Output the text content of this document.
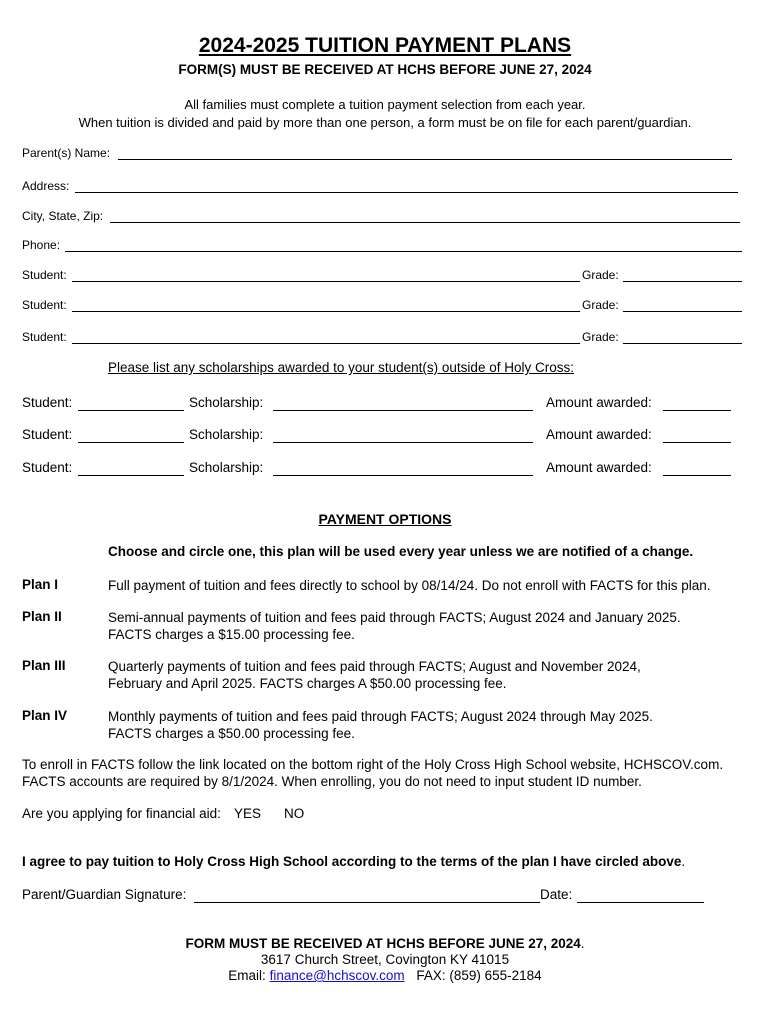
2024-2025 TUITION PAYMENT PLANS
FORM(S) MUST BE RECEIVED AT HCHS BEFORE JUNE 27, 2024
All families must complete a tuition payment selection from each year.
When tuition is divided and paid by more than one person, a form must be on file for each parent/guardian.
Parent(s) Name:
Address:
City, State, Zip:
Phone:
Student:	Grade:
Student:	Grade:
Student:	Grade:
Please list any scholarships awarded to your student(s) outside of Holy Cross:
Student:	Scholarship:	Amount awarded:
Student:	Scholarship:	Amount awarded:
Student:	Scholarship:	Amount awarded:
PAYMENT OPTIONS
Choose and circle one, this plan will be used every year unless we are notified of a change.
Plan I	Full payment of tuition and fees directly to school by 08/14/24. Do not enroll with FACTS for this plan.
Plan II	Semi-annual payments of tuition and fees paid through FACTS; August 2024 and January 2025. FACTS charges a $15.00 processing fee.
Plan III	Quarterly payments of tuition and fees paid through FACTS; August and November 2024, February and April 2025. FACTS charges A $50.00 processing fee.
Plan IV	Monthly payments of tuition and fees paid through FACTS; August 2024 through May 2025. FACTS charges a $50.00 processing fee.
To enroll in FACTS follow the link located on the bottom right of the Holy Cross High School website, HCHSCOV.com. FACTS accounts are required by 8/1/2024. When enrolling, you do not need to input student ID number.
Are you applying for financial aid: YES NO
I agree to pay tuition to Holy Cross High School according to the terms of the plan I have circled above.
Parent/Guardian Signature:	Date:
FORM MUST BE RECEIVED AT HCHS BEFORE JUNE 27, 2024.
3617 Church Street, Covington KY 41015
Email: finance@hchscov.com FAX: (859) 655-2184
